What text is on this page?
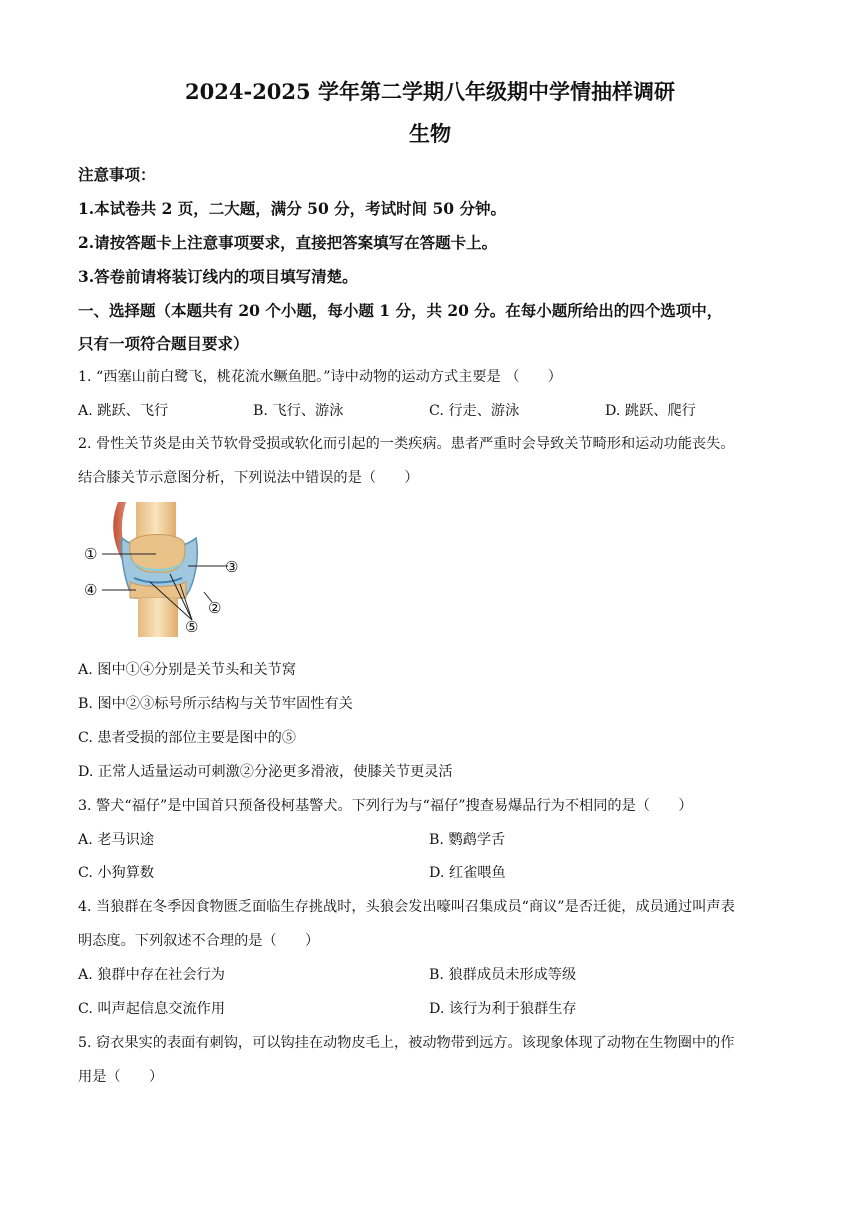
2024-2025 学年第二学期八年级期中学情抽样调研
生物
注意事项：
1.本试卷共 2 页，二大题，满分 50 分，考试时间 50 分钟。
2.请按答题卡上注意事项要求，直接把答案填写在答题卡上。
3.答卷前请将装订线内的项目填写清楚。
一、选择题（本题共有 20 个小题，每小题 1 分，共 20 分。在每小题所给出的四个选项中，
只有一项符合题目要求）
1. “西塞山前白鹭飞，桃花流水鳜鱼肥。”诗中动物的运动方式主要是 （　　）
A. 跳跃、飞行	B. 飞行、游泳	C. 行走、游泳	D. 跳跃、爬行
2. 骨性关节炎是由关节软骨受损或软化而引起的一类疾病。患者严重时会导致关节畸形和运动功能丧失。
结合膝关节示意图分析，下列说法中错误的是（　　）
①
②
③
④
⑤
A. 图中①④分别是关节头和关节窝
B. 图中②③标号所示结构与关节牢固性有关
C. 患者受损的部位主要是图中的⑤
D. 正常人适量运动可刺激②分泌更多滑液，使膝关节更灵活
3. 警犬“福仔”是中国首只预备役柯基警犬。下列行为与“福仔”搜查易爆品行为不相同的是（　　）
A. 老马识途	B. 鹦鹉学舌
C. 小狗算数	D. 红雀喂鱼
4. 当狼群在冬季因食物匮乏面临生存挑战时，头狼会发出嚎叫召集成员“商议”是否迁徙，成员通过叫声表
明态度。下列叙述不合理的是（　　）
A. 狼群中存在社会行为	B. 狼群成员未形成等级
C. 叫声起信息交流作用	D. 该行为利于狼群生存
5. 窃衣果实的表面有刺钩，可以钩挂在动物皮毛上，被动物带到远方。该现象体现了动物在生物圈中的作
用是（　　）
